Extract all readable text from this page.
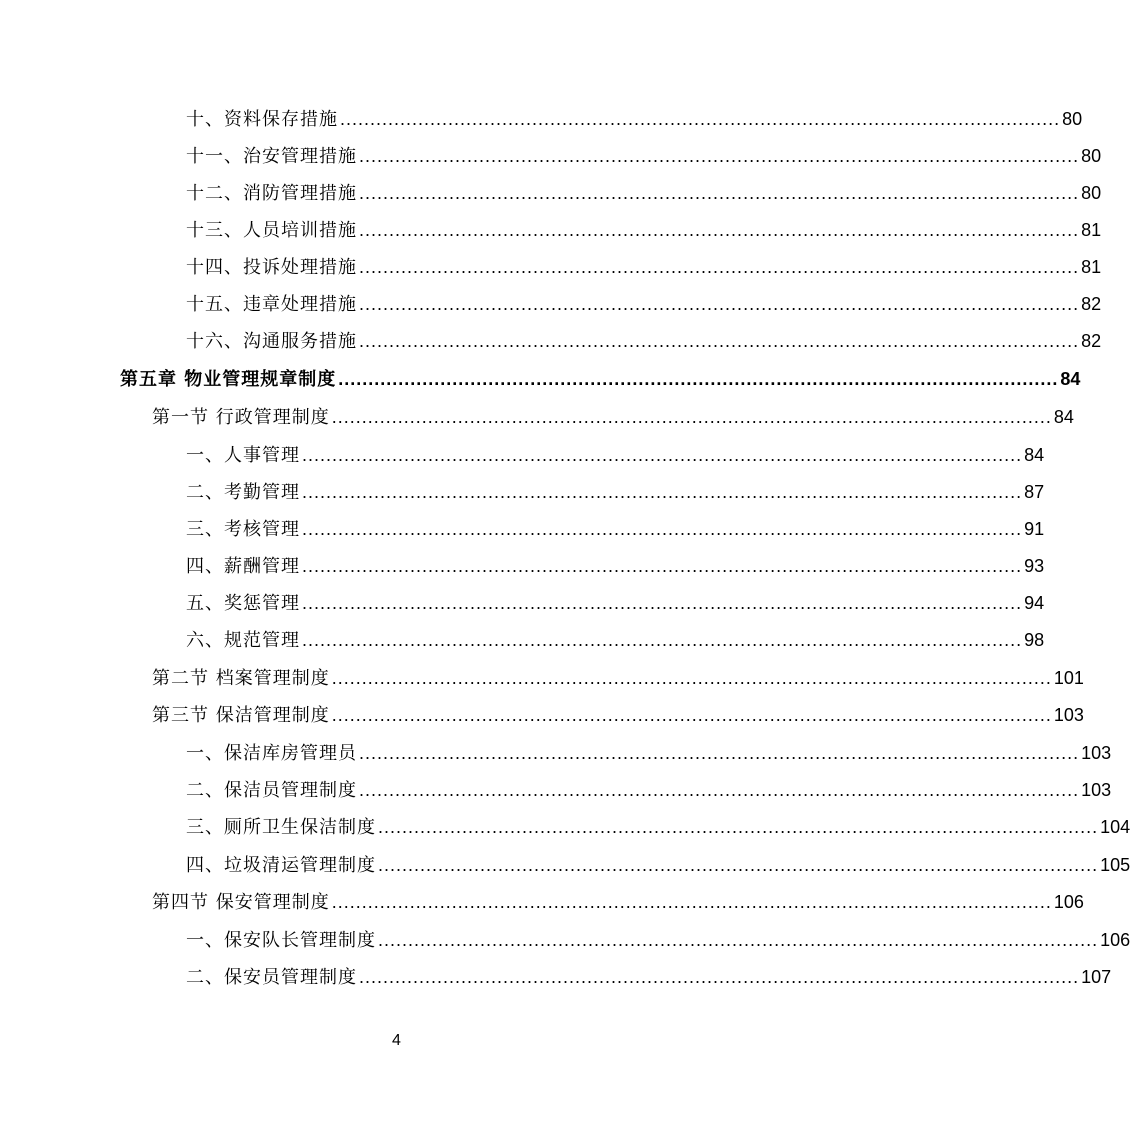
十、资料保存措施 ........................................................................................................................ 80
十一、治安管理措施 ........................................................................................................................ 80
十二、消防管理措施 ........................................................................................................................ 80
十三、人员培训措施 ........................................................................................................................ 81
十四、投诉处理措施 ........................................................................................................................ 81
十五、违章处理措施 ........................................................................................................................ 82
十六、沟通服务措施 ........................................................................................................................ 82
第五章 物业管理规章制度 ........................................................................................................................ 84
第一节 行政管理制度 ........................................................................................................................ 84
一、人事管理 ........................................................................................................................ 84
二、考勤管理 ........................................................................................................................ 87
三、考核管理 ........................................................................................................................ 91
四、薪酬管理 ........................................................................................................................ 93
五、奖惩管理 ........................................................................................................................ 94
六、规范管理 ........................................................................................................................ 98
第二节 档案管理制度 ........................................................................................................................ 101
第三节 保洁管理制度 ........................................................................................................................ 103
一、保洁库房管理员 ........................................................................................................................ 103
二、保洁员管理制度 ........................................................................................................................ 103
三、厕所卫生保洁制度 ........................................................................................................................ 104
四、垃圾清运管理制度 ........................................................................................................................ 105
第四节 保安管理制度 ........................................................................................................................ 106
一、保安队长管理制度 ........................................................................................................................ 106
二、保安员管理制度 ........................................................................................................................ 107
4
